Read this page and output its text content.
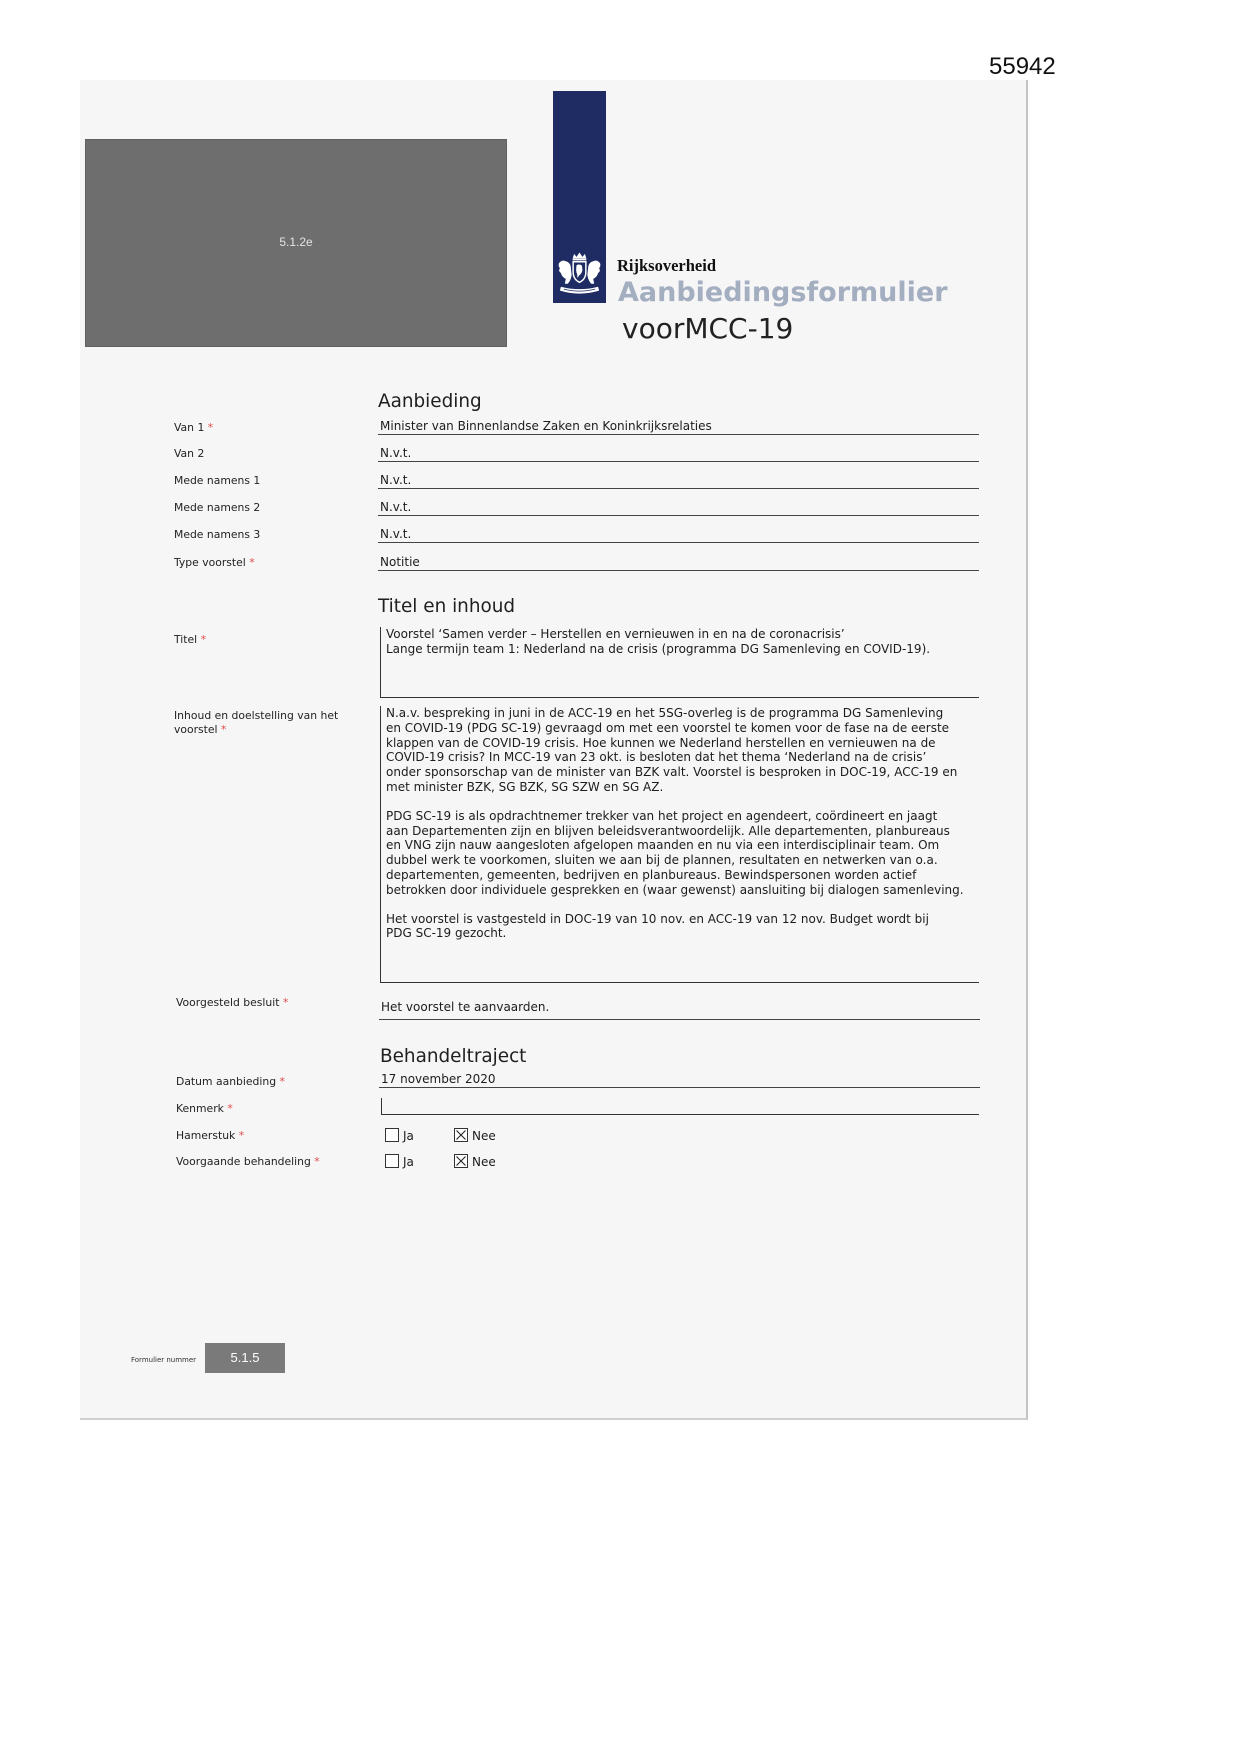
55942
5.1.2e
Rijksoverheid
Aanbiedingsformulier
voorMCC-19
Aanbieding
Van 1 *	Minister van Binnenlandse Zaken en Koninkrijksrelaties
Van 2	N.v.t.
Mede namens 1	N.v.t.
Mede namens 2	N.v.t.
Mede namens 3	N.v.t.
Type voorstel *	Notitie
Titel en inhoud
Titel *	Voorstel ‘Samen verder – Herstellen en vernieuwen in en na de coronacrisis’
Lange termijn team 1: Nederland na de crisis (programma DG Samenleving en COVID-19).
Inhoud en doelstelling van het
voorstel *
N.a.v. bespreking in juni in de ACC-19 en het 5SG-overleg is de programma DG Samenleving
en COVID-19 (PDG SC-19) gevraagd om met een voorstel te komen voor de fase na de eerste
klappen van de COVID-19 crisis. Hoe kunnen we Nederland herstellen en vernieuwen na de
COVID-19 crisis? In MCC-19 van 23 okt. is besloten dat het thema ‘Nederland na de crisis’
onder sponsorschap van de minister van BZK valt. Voorstel is besproken in DOC-19, ACC-19 en
met minister BZK, SG BZK, SG SZW en SG AZ.
PDG SC-19 is als opdrachtnemer trekker van het project en agendeert, coördineert en jaagt
aan Departementen zijn en blijven beleidsverantwoordelijk. Alle departementen, planbureaus
en VNG zijn nauw aangesloten afgelopen maanden en nu via een interdisciplinair team. Om
dubbel werk te voorkomen, sluiten we aan bij de plannen, resultaten en netwerken van o.a.
departementen, gemeenten, bedrijven en planbureaus. Bewindspersonen worden actief
betrokken door individuele gesprekken en (waar gewenst) aansluiting bij dialogen samenleving.
Het voorstel is vastgesteld in DOC-19 van 10 nov. en ACC-19 van 12 nov. Budget wordt bij
PDG SC-19 gezocht.
Voorgesteld besluit *	Het voorstel te aanvaarden.
Behandeltraject
Datum aanbieding *	17 november 2020
Kenmerk *
Hamerstuk *	Ja	Nee
Voorgaande behandeling *	Ja	Nee
Formulier nummer	5.1.5
